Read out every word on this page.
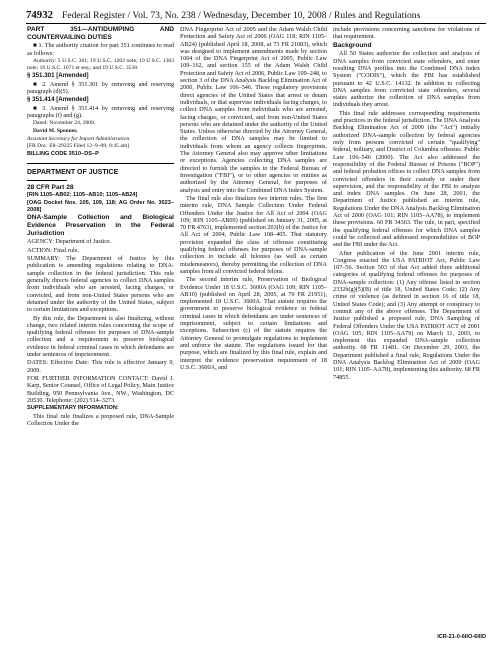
74932 Federal Register / Vol. 73, No. 238 / Wednesday, December 10, 2008 / Rules and Regulations

PART 351—ANTIDUMPING AND COUNTERVAILING DUTIES

■ 1. The authority citation for part 351 continues to read as follows:

Authority: 5 U.S.C. 301; 19 U.S.C. 1202 note; 19 U.S.C. 1303 note; 19 U.S.C. 1671 et seq.; and 19 U.S.C. 3538.

§ 351.301 [Amended]

■ 2. Amend § 351.301 by removing and reserving paragraph (d)(5).

§ 351.414 [Amended]

■ 3. Amend § 351.414 by removing and reserving paragraphs (f) and (g).

Dated: November 24, 2008.

David M. Spooner,

Assistant Secretary for Import Administration.

[FR Doc. E8–29225 Filed 12–9–08; 8:45 am]

BILLING CODE 3510–DS–P

DEPARTMENT OF JUSTICE

28 CFR Part 28

[RIN 1105–AB02; 1105–AB10; 1105–AB24]

[OAG Docket Nos. 105, 109, 118; AG Order No. 3023–2008]

DNA-Sample Collection and Biological Evidence Preservation in the Federal Jurisdiction

AGENCY: Department of Justice.

ACTION: Final rule.

SUMMARY: The Department of Justice by this publication is amending regulations relating to DNA-sample collection in the federal jurisdiction. This rule generally directs federal agencies to collect DNA samples from individuals who are arrested, facing charges, or convicted, and from non-United States persons who are detained under the authority of the United States, subject to certain limitations and exceptions.

By this rule, the Department is also finalizing, without change, two related interim rules concerning the scope of qualifying federal offenses for purposes of DNA-sample collection and a requirement to preserve biological evidence in federal criminal cases in which defendants are under sentences of imprisonment.

DATES: Effective Date: This rule is effective January 9, 2009.

FOR FURTHER INFORMATION CONTACT: David J. Karp, Senior Counsel, Office of Legal Policy, Main Justice Building, 950 Pennsylvania Ave., NW., Washington, DC 20530. Telephone: (202) 514–3273.

SUPPLEMENTARY INFORMATION:

This final rule finalizes a proposed rule, DNA-Sample Collection Under the

DNA Fingerprint Act of 2005 and the Adam Walsh Child Protection and Safety Act of 2006 (OAG 118; RIN 1105–AB24) (published April 18, 2008, at 73 FR 21083), which was designed to implement amendments made by section 1004 of the DNA Fingerprint Act of 2005, Public Law 109–162, and section 155 of the Adam Walsh Child Protection and Safety Act of 2006, Public Law 109–248, to section 3 of the DNA Analysis Backlog Elimination Act of 2000, Public Law 106–546. These regulatory provisions direct agencies of the United States that arrest or detain individuals, or that supervise individuals facing charges, to collect DNA samples from individuals who are arrested, facing charges, or convicted, and from non-United States persons who are detained under the authority of the United States. Unless otherwise directed by the Attorney General, the collection of DNA samples may be limited to individuals from whom an agency collects fingerprints. The Attorney General also may approve other limitations or exceptions. Agencies collecting DNA samples are directed to furnish the samples to the Federal Bureau of Investigation ("FBI"), or to other agencies or entities as authorized by the Attorney General, for purposes of analysis and entry into the Combined DNA Index System.

The final rule also finalizes two interim rules. The first interim rule, DNA Sample Collection Under Federal Offenders Under the Justice for All Act of 2004 (OAG 109; RIN 1105–AB09) (published on January 31, 2005, at 70 FR 4763), implemented section 203(b) of the Justice for All Act of 2004, Public Law 108–405. That statutory provision expanded the class of offenses constituting qualifying federal offenses for purposes of DNA-sample collection to include all felonies (as well as certain misdemeanors), thereby permitting the collection of DNA samples from all convicted federal felons.

The second interim rule, Preservation of Biological Evidence Under 18 U.S.C. 3600A (OAG 109; RIN 1105–AB10) (published on April 28, 2005, at 70 FR 21951), implemented 18 U.S.C. 3600A. That statute requires the government to preserve biological evidence in federal criminal cases in which defendants are under sentences of imprisonment, subject to certain limitations and exceptions. Subsection (c) of the statute requires the Attorney General to promulgate regulations to implement and enforce the statute. The regulations issued for that purpose, which are finalized by this final rule, explain and interpret the evidence preservation requirement of 18 U.S.C. 3600A, and

include provisions concerning sanctions for violations of that requirement.

Background

All 50 States authorize the collection and analysis of DNA samples from convicted state offenders, and enter resulting DNA profiles into the Combined DNA Index System ("CODIS"), which the FBI has established pursuant to 42 U.S.C. 14132. In addition to collecting DNA samples from convicted state offenders, several states authorize the collection of DNA samples from individuals they arrest.

This final rule addresses corresponding requirements and practices in the federal jurisdiction. The DNA Analysis Backlog Elimination Act of 2000 (the "Act") initially authorized DNA-sample collection by federal agencies only from persons convicted of certain "qualifying" federal, military, and District of Columbia offenses. Public Law 106–546 (2000). The Act also addressed the responsibility of the Federal Bureau of Prisons ("BOP") and federal probation offices to collect DNA samples from convicted offenders in their custody or under their supervision, and the responsibility of the FBI to analyze and index DNA samples. On June 28, 2001, the Department of Justice published an interim rule, Regulations Under the DNA Analysis Backlog Elimination Act of 2000 (OAG 101; RIN 1105–AA78), to implement these provisions. 66 FR 34363. The rule, in part, specified the qualifying federal offenses for which DNA samples could be collected and addressed responsibilities of BOP and the FBI under the Act.

After publication of the June 2001 interim rule, Congress enacted the USA PATRIOT Act, Public Law 107–56. Section 503 of that Act added three additional categories of qualifying federal offenses for purposes of DNA-sample collection: (1) Any offense listed in section 2332b(g)(5)(B) of title 18, United States Code; (2) Any crime of violence (as defined in section 16 of title 18, United States Code); and (3) Any attempt or conspiracy to commit any of the above offenses. The Department of Justice published a proposed rule, DNA Sampling of Federal Offenders Under the USA PATRIOT ACT of 2001 (OAG 105; RIN 1105–AA79) on March 11, 2003, to implement this expanded DNA-sample collection authority. 68 FR 11481. On December 29, 2003, the Department published a final rule, Regulations Under the DNA Analysis Backlog Elimination Act of 2000 (OAG 101; RIN 1105–AA78), implementing this authority. 68 FR 74855.

ICR-21-0-6IIO-6IIID
